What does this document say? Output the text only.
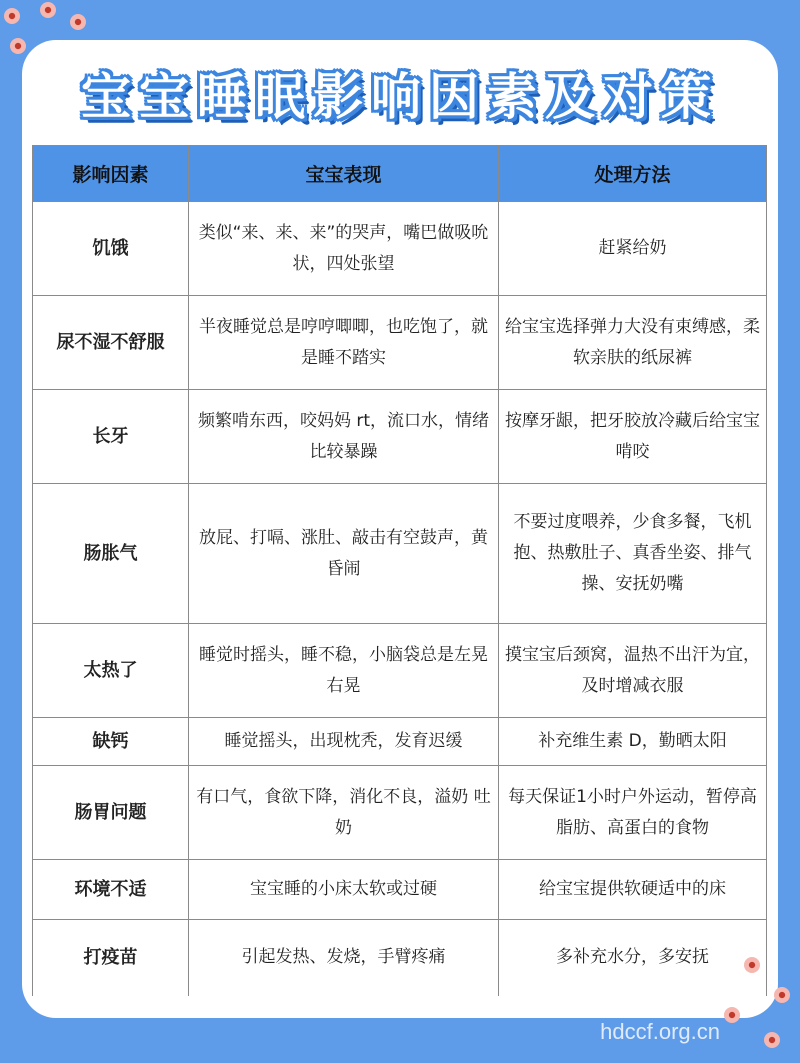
宝宝睡眠影响因素及对策
影响因素	宝宝表现	处理方法
饥饿	类似“来、来、来”的哭声，嘴巴做吸吮状，四处张望	赶紧给奶
尿不湿不舒服	半夜睡觉总是哼哼唧唧，也吃饱了，就是睡不踏实	给宝宝选择弹力大没有束缚感，柔软亲肤的纸尿裤
长牙	频繁啃东西，咬妈妈 rt，流口水，情绪比较暴躁	按摩牙龈，把牙胶放冷藏后给宝宝啃咬
肠胀气	放屁、打嗝、涨肚、敲击有空鼓声，黄昏闹	不要过度喂养，少食多餐，飞机抱、热敷肚子、真香坐姿、排气操、安抚奶嘴
太热了	睡觉时摇头，睡不稳，小脑袋总是左晃右晃	摸宝宝后颈窝，温热不出汗为宜，及时增减衣服
缺钙	睡觉摇头，出现枕秃，发育迟缓	补充维生素 D，勤晒太阳
肠胃问题	有口气，食欲下降，消化不良，溢奶 吐奶	每天保证1小时户外运动，暂停高脂肪、高蛋白的食物
环境不适	宝宝睡的小床太软或过硬	给宝宝提供软硬适中的床
打疫苗	引起发热、发烧，手臂疼痛	多补充水分，多安抚
hdccf.org.cn
